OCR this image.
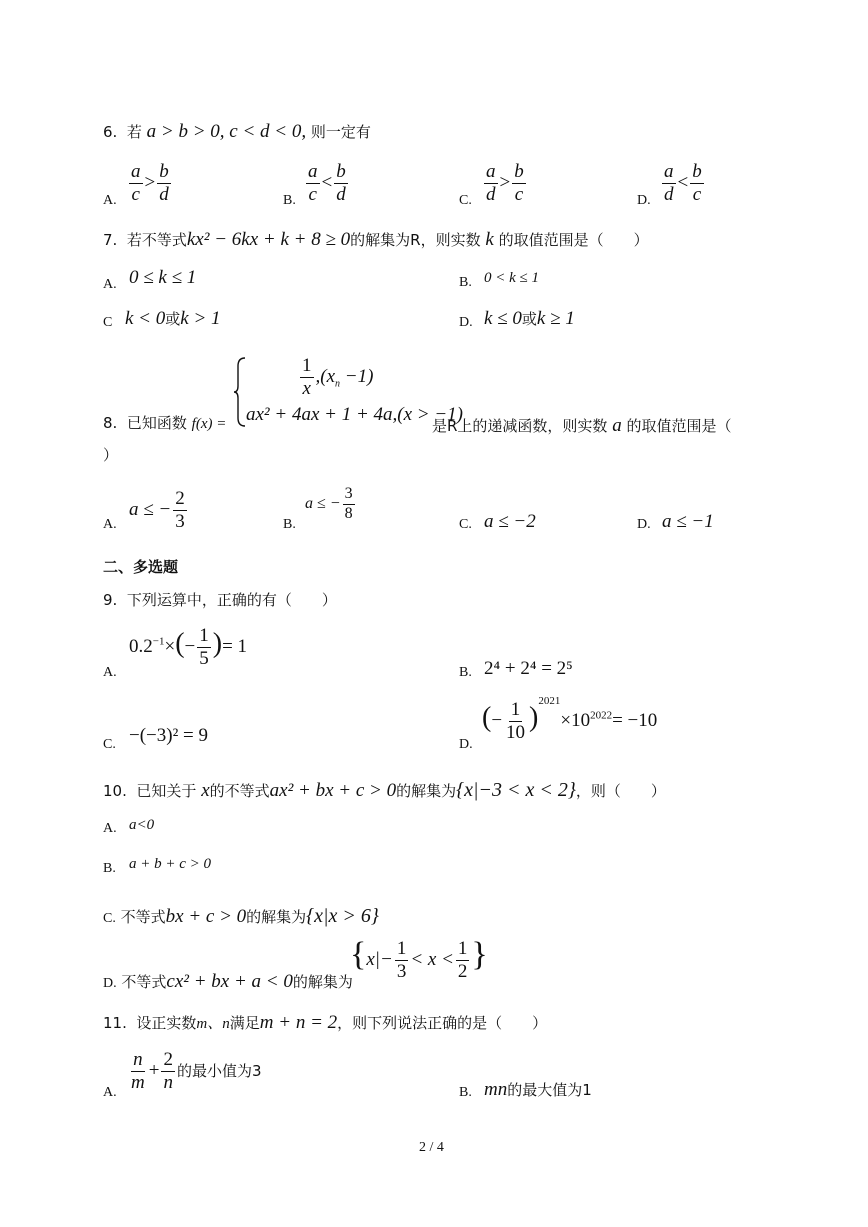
6. 若 a > b > 0, c < d < 0, 则一定有
A. $\frac{a}{c} > \frac{b}{d}$	B. $\frac{a}{c} < \frac{b}{d}$	C. $\frac{a}{d} > \frac{b}{c}$	D. $\frac{a}{d} < \frac{b}{c}$
7. 若不等式kx² − 6kx + k + 8 ≥ 0的解集为R，则实数 k 的取值范围是（　　）
A. 0 ≤ k ≤ 1	B. 0 < k ≤ 1
C k < 0或k > 1	D. k ≤ 0或k ≥ 1
8. 已知函数 f(x) =
$\frac{1}{x} ,(x_n -1)$
ax² + 4ax + 1 + 4a,(x > −1)
是R上的递减函数，则实数 a 的取值范围是（
）
A.
a ≤ − $\frac{2}{3}$	B.
a ≤ − $\frac{3}{8}$
C. a ≤ −2	D. a ≤ −1
二、多选题
9. 下列运算中，正确的有（　　）
A.
$0.2^{-1}\times(- \frac{1}{5}$ )= 1
B. 2⁴ + 2⁴ = 2⁵
C. −(−3)² = 9	D.
(− $\frac{1}{10} )^{2021}\times 10^{2022}= -10$
10. 已知关于 x的不等式ax² + bx + c > 0的解集为{x|−3 < x < 2}，则（　　）
A. a<0
B. a + b + c > 0
C. 不等式bx + c > 0的解集为{x|x > 6}
D. 不等式cx² + bx + a < 0的解集为
{$x|- \frac{1}{3} < x < \frac{1}{2}$ }
11. 设正实数m、n满足m + n = 2，则下列说法正确的是（　　）
A. $\frac{n}{m} + \frac{2}{n}$ 的最小值为3
B. mn的最大值为1
2 / 4
